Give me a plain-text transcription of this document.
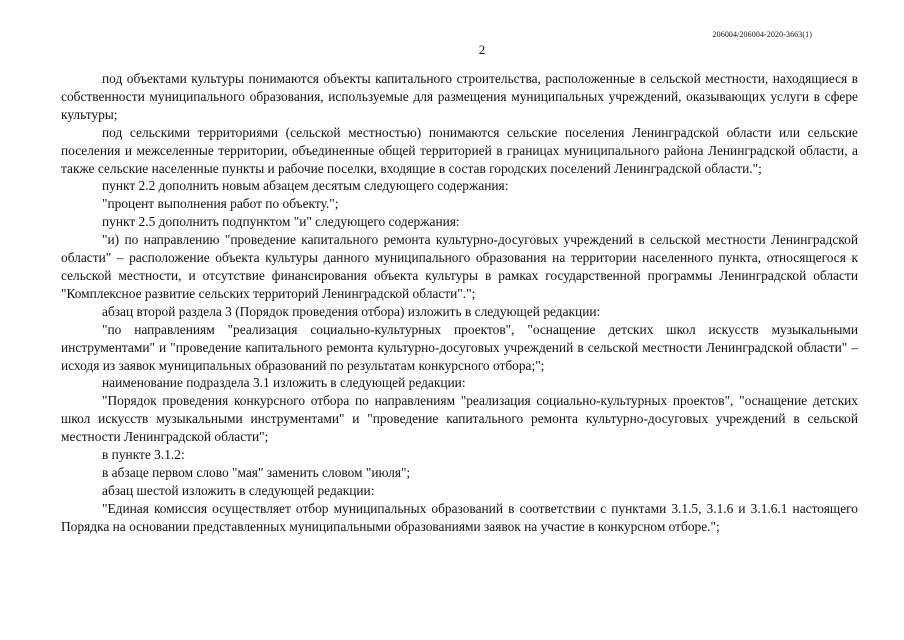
206004/206004-2020-3663(1)
2

под объектами культуры понимаются объекты капитального строительства, расположенные в сельской местности, находящиеся в собственности муниципального образования, используемые для размещения муниципальных учреждений, оказывающих услуги в сфере культуры;

под сельскими территориями (сельской местностью) понимаются сельские поселения Ленинградской области или сельские поселения и межселенные территории, объединенные общей территорией в границах муниципального района Ленинградской области, а также сельские населенные пункты и рабочие поселки, входящие в состав городских поселений Ленинградской области.";

пункт 2.2 дополнить новым абзацем десятым следующего содержания:

"процент выполнения работ по объекту.";

пункт 2.5 дополнить подпунктом "и" следующего содержания:

"и) по направлению "проведение капитального ремонта культурно-досуговых учреждений в сельской местности Ленинградской области" – расположение объекта культуры данного муниципального образования на территории населенного пункта, относящегося к сельской местности, и отсутствие финансирования объекта культуры в рамках государственной программы Ленинградской области "Комплексное развитие сельских территорий Ленинградской области".";

абзац второй раздела 3 (Порядок проведения отбора) изложить в следующей редакции:

"по направлениям "реализация социально-культурных проектов", "оснащение детских школ искусств музыкальными инструментами" и "проведение капитального ремонта культурно-досуговых учреждений в сельской местности Ленинградской области" – исходя из заявок муниципальных образований по результатам конкурсного отбора;";

наименование подраздела 3.1 изложить в следующей редакции:

"Порядок проведения конкурсного отбора по направлениям "реализация социально-культурных проектов", "оснащение детских школ искусств музыкальными инструментами" и "проведение капитального ремонта культурно-досуговых учреждений в сельской местности Ленинградской области";

в пункте 3.1.2:

в абзаце первом слово "мая" заменить словом "июля";

абзац шестой изложить в следующей редакции:

"Единая комиссия осуществляет отбор муниципальных образований в соответствии с пунктами 3.1.5, 3.1.6 и 3.1.6.1 настоящего Порядка на основании представленных муниципальными образованиями заявок на участие в конкурсном отборе.";
